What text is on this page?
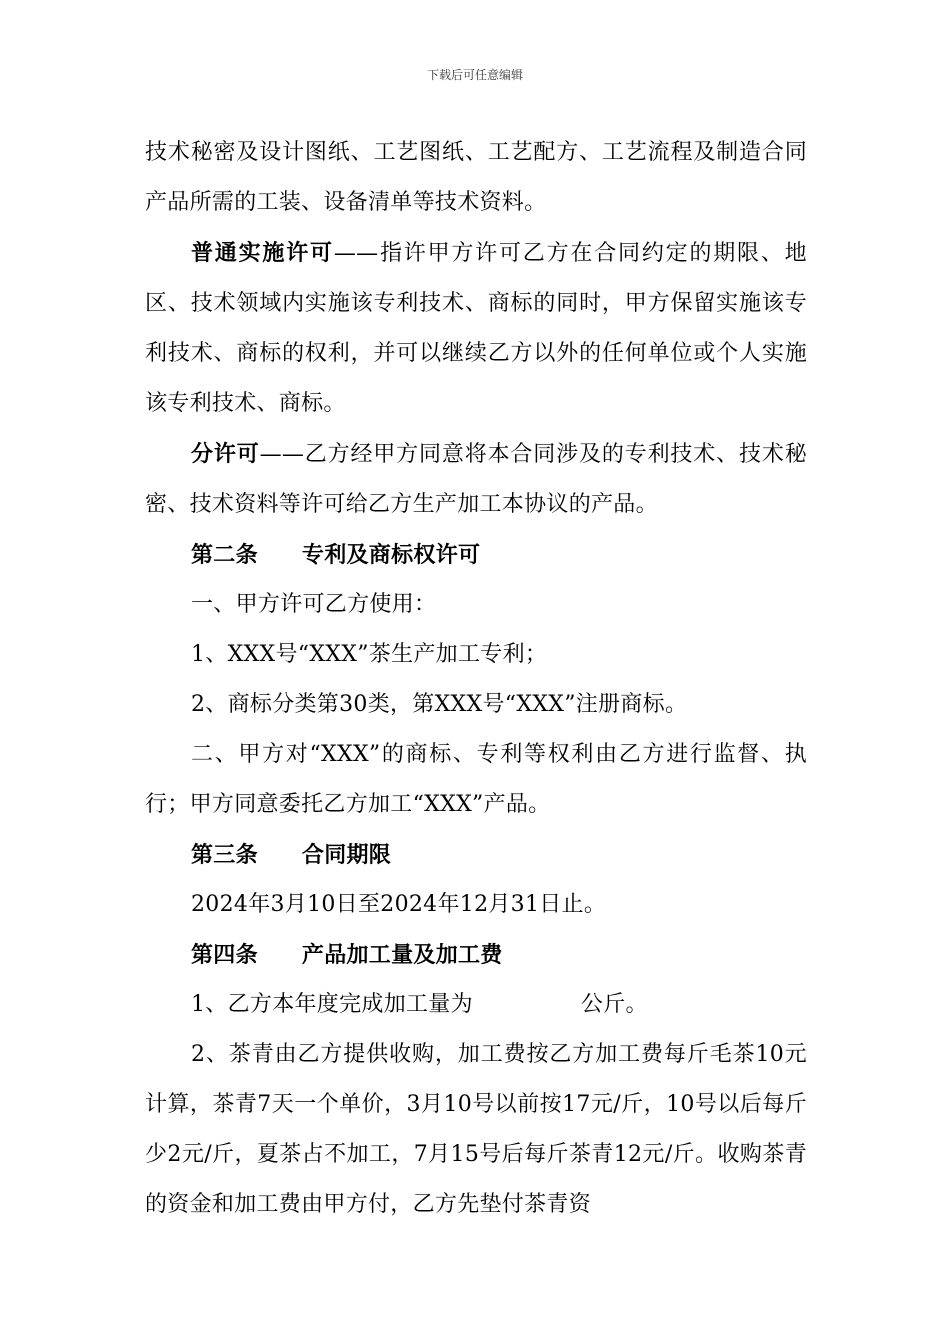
下载后可任意编辑

技术秘密及设计图纸、工艺图纸、工艺配方、工艺流程及制造合同产品所需的工装、设备清单等技术资料。

普通实施许可——指许甲方许可乙方在合同约定的期限、地区、技术领域内实施该专利技术、商标的同时，甲方保留实施该专利技术、商标的权利，并可以继续乙方以外的任何单位或个人实施该专利技术、商标。

分许可——乙方经甲方同意将本合同涉及的专利技术、技术秘密、技术资料等许可给乙方生产加工本协议的产品。

第二条 专利及商标权许可

一、甲方许可乙方使用：

1、XXX号“XXX”茶生产加工专利；

2、商标分类第30类，第XXX号“XXX”注册商标。

二、甲方对“XXX”的商标、专利等权利由乙方进行监督、执行；甲方同意委托乙方加工“XXX”产品。

第三条 合同期限

2024年3月10日至2024年12月31日止。

第四条 产品加工量及加工费

1、乙方本年度完成加工量为	公斤。

2、茶青由乙方提供收购，加工费按乙方加工费每斤毛茶10元计算，茶青7天一个单价，3月10号以前按17元/斤，10号以后每斤少2元/斤，夏茶占不加工，7月15号后每斤茶青12元/斤。收购茶青的资金和加工费由甲方付，乙方先垫付茶青资
